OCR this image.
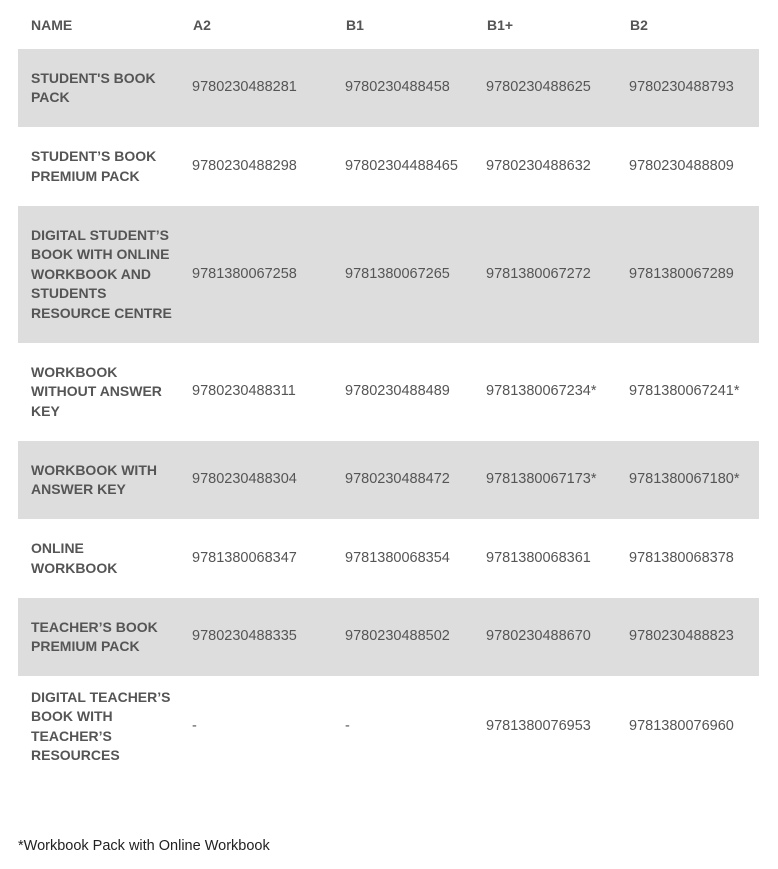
NAME	A2	B1	B1+	B2
STUDENT'S BOOK
PACK	9780230488281	9780230488458	9780230488625	9780230488793
STUDENT’S BOOK
PREMIUM PACK	9780230488298	97802304488465	9780230488632	9780230488809
DIGITAL STUDENT’S
BOOK WITH ONLINE
WORKBOOK AND
STUDENTS
RESOURCE CENTRE	9781380067258	9781380067265	9781380067272	9781380067289
WORKBOOK
WITHOUT ANSWER
KEY	9780230488311	9780230488489	9781380067234*	9781380067241*
WORKBOOK WITH
ANSWER KEY	9780230488304	9780230488472	9781380067173*	9781380067180*
ONLINE
WORKBOOK	9781380068347	9781380068354	9781380068361	9781380068378
TEACHER’S BOOK
PREMIUM PACK	9780230488335	9780230488502	9780230488670	9780230488823
DIGITAL TEACHER’S
BOOK WITH
TEACHER’S
RESOURCES	-	-	9781380076953	9781380076960

*Workbook Pack with Online Workbook
